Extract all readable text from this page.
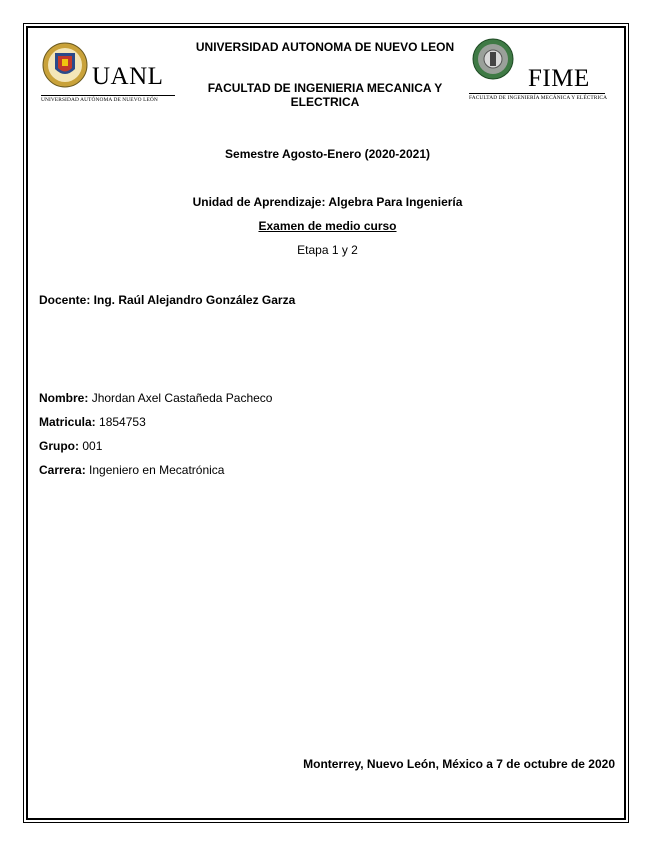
UANL
UNIVERSIDAD AUTÓNOMA DE NUEVO LEÓN
FIME
FACULTAD DE INGENIERÍA MECÁNICA Y ELÉCTRICA
UNIVERSIDAD AUTONOMA DE NUEVO LEON
FACULTAD DE INGENIERIA MECANICA Y ELECTRICA
Semestre Agosto-Enero (2020-2021)
Unidad de Aprendizaje: Algebra Para Ingeniería
Examen de medio curso
Etapa 1 y 2
Docente: Ing. Raúl Alejandro González Garza
Nombre: Jhordan Axel Castañeda Pacheco
Matricula: 1854753
Grupo: 001
Carrera: Ingeniero en Mecatrónica
Monterrey, Nuevo León, México a 7 de octubre de 2020
